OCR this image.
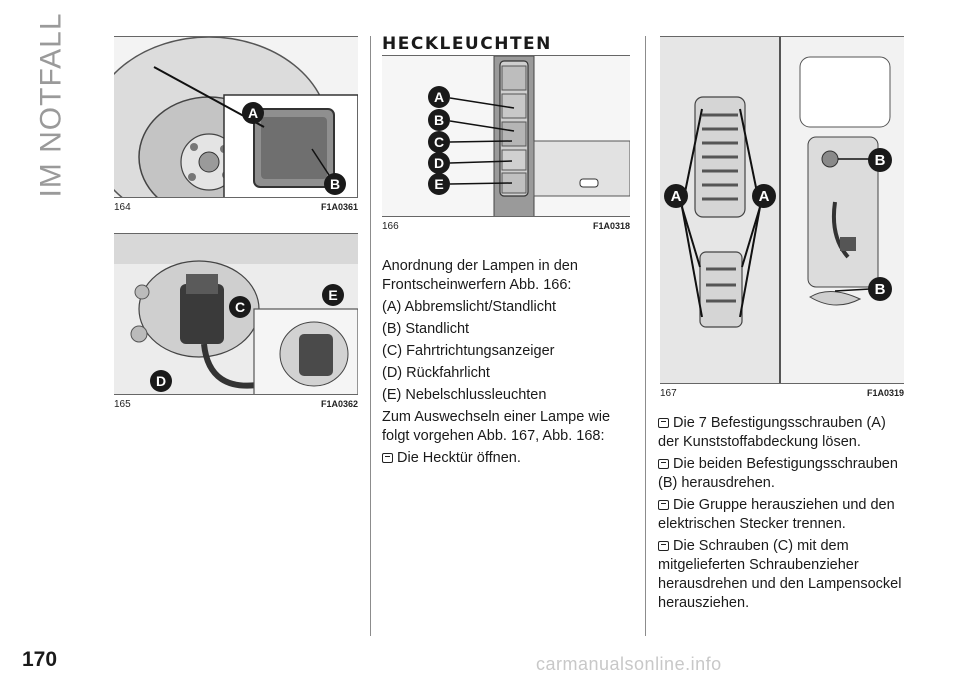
IM NOTFALL
170	carmanualsonline.info
A
B
164	F1A0361
C
D
E
165	F1A0362
HECKLEUCHTEN
A
B
C
D
E
166	F1A0318

Anordnung der Lampen in den Frontscheinwerfern Abb. 166:

(A) Abbremslicht/Standlicht

(B) Standlicht

(C) Fahrtrichtungsanzeiger

(D) Rückfahrlicht

(E) Nebelschlussleuchten

Zum Auswechseln einer Lampe wie folgt vorgehen Abb. 167, Abb. 168:

Die Hecktür öffnen.

A	A
B
B
167	F1A0319

Die 7 Befestigungsschrauben (A) der Kunststoffabdeckung lösen.

Die beiden Befestigungsschrauben (B) herausdrehen.

Die Gruppe herausziehen und den elektrischen Stecker trennen.

Die Schrauben (C) mit dem mitgelieferten Schraubenzieher herausdrehen und den Lampensockel herausziehen.
